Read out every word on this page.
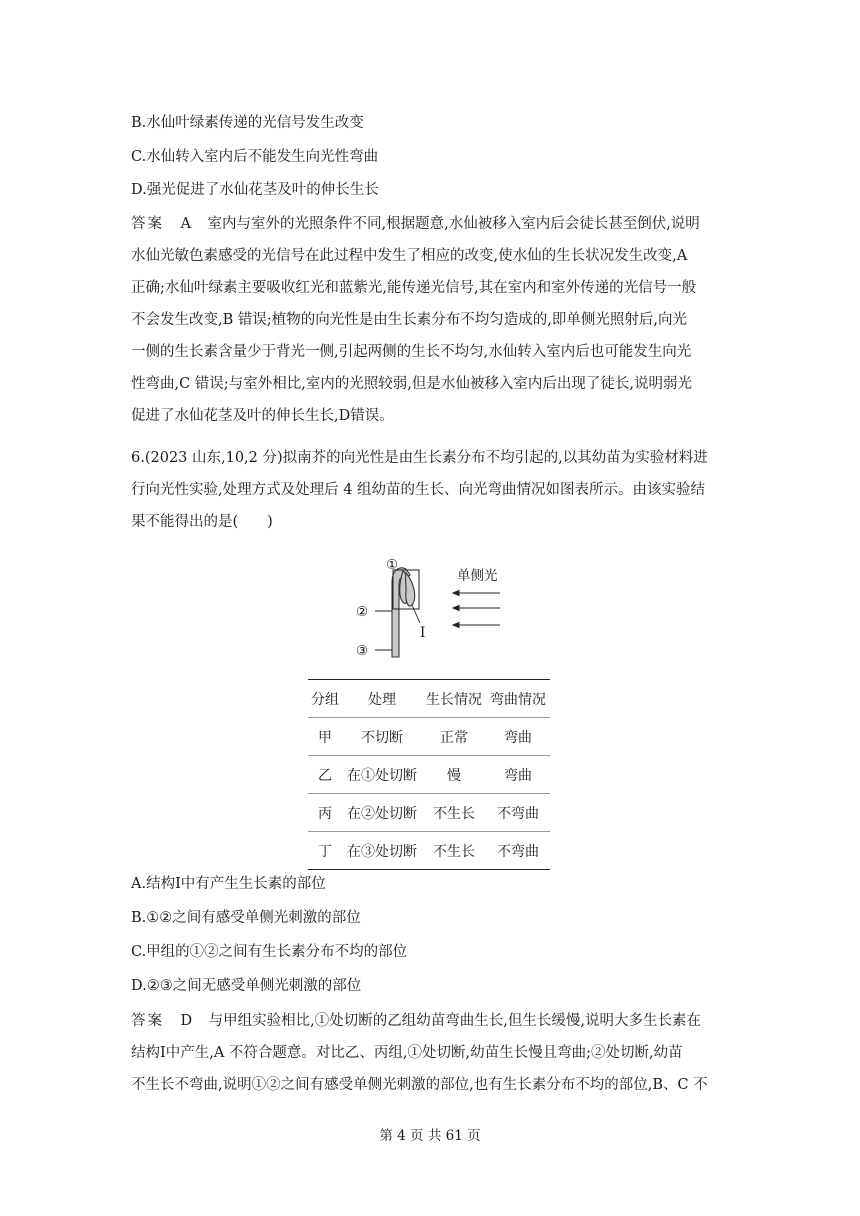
B.水仙叶绿素传递的光信号发生改变
C.水仙转入室内后不能发生向光性弯曲
D.强光促进了水仙花茎及叶的伸长生长
答案　A　室内与室外的光照条件不同,根据题意,水仙被移入室内后会徒长甚至倒伏,说明
水仙光敏色素感受的光信号在此过程中发生了相应的改变,使水仙的生长状况发生改变,A
正确;水仙叶绿素主要吸收红光和蓝紫光,能传递光信号,其在室内和室外传递的光信号一般
不会发生改变,B 错误;植物的向光性是由生长素分布不均匀造成的,即单侧光照射后,向光
一侧的生长素含量少于背光一侧,引起两侧的生长不均匀,水仙转入室内后也可能发生向光
性弯曲,C 错误;与室外相比,室内的光照较弱,但是水仙被移入室内后出现了徒长,说明弱光
促进了水仙花茎及叶的伸长生长,D错误。
6.(2023 山东,10,2 分)拟南芥的向光性是由生长素分布不均引起的,以其幼苗为实验材料进
行向光性实验,处理方式及处理后 4 组幼苗的生长、向光弯曲情况如图表所示。由该实验结
果不能得出的是(　　)
①
②
③
Ⅰ
单侧光
分组	处理	生长情况	弯曲情况
甲	不切断	正常	弯曲
乙	在①处切断	慢	弯曲
丙	在②处切断	不生长	不弯曲
丁	在③处切断	不生长	不弯曲
A.结构Ⅰ中有产生生长素的部位
B.①②之间有感受单侧光刺激的部位
C.甲组的①②之间有生长素分布不均的部位
D.②③之间无感受单侧光刺激的部位
答案　D　与甲组实验相比,①处切断的乙组幼苗弯曲生长,但生长缓慢,说明大多生长素在
结构Ⅰ中产生,A 不符合题意。对比乙、丙组,①处切断,幼苗生长慢且弯曲;②处切断,幼苗
不生长不弯曲,说明①②之间有感受单侧光刺激的部位,也有生长素分布不均的部位,B、C 不
第 4 页 共 61 页
